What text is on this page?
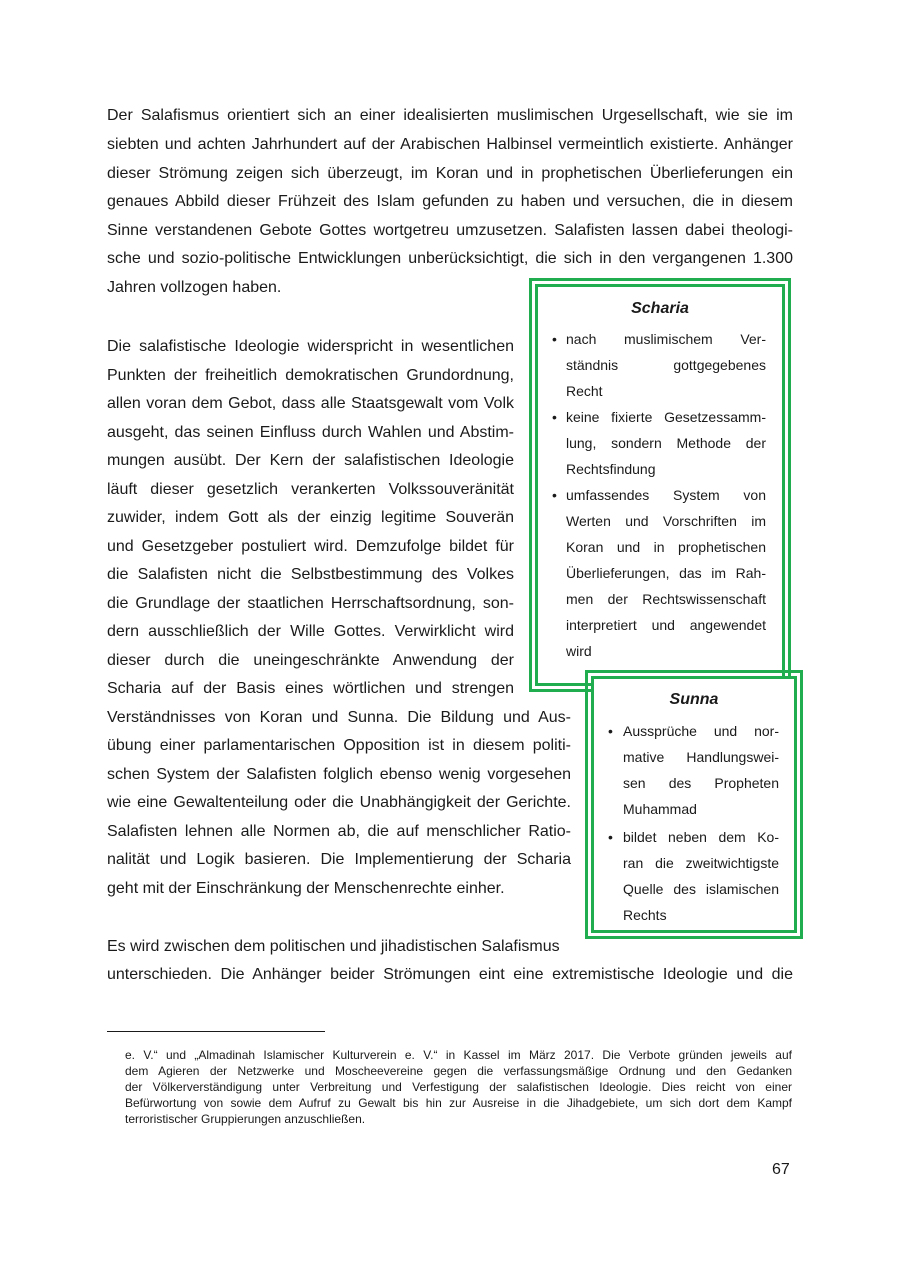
Der Salafismus orientiert sich an einer idealisierten muslimischen Urgesellschaft, wie sie im
siebten und achten Jahrhundert auf der Arabischen Halbinsel vermeintlich existierte. Anhänger
dieser Strömung zeigen sich überzeugt, im Koran und in prophetischen Überlieferungen ein
genaues Abbild dieser Frühzeit des Islam gefunden zu haben und versuchen, die in diesem
Sinne verstandenen Gebote Gottes wortgetreu umzusetzen. Salafisten lassen dabei theologi-
sche und sozio-politische Entwicklungen unberücksichtigt, die sich in den vergangenen 1.300
Jahren vollzogen haben.
Die salafistische Ideologie widerspricht in wesentlichen
Punkten der freiheitlich demokratischen Grundordnung,
allen voran dem Gebot, dass alle Staatsgewalt vom Volk
ausgeht, das seinen Einfluss durch Wahlen und Abstim-
mungen ausübt. Der Kern der salafistischen Ideologie
läuft dieser gesetzlich verankerten Volkssouveränität
zuwider, indem Gott als der einzig legitime Souverän
und Gesetzgeber postuliert wird. Demzufolge bildet für
die Salafisten nicht die Selbstbestimmung des Volkes
die Grundlage der staatlichen Herrschaftsordnung, son-
dern ausschließlich der Wille Gottes. Verwirklicht wird
dieser durch die uneingeschränkte Anwendung der
Scharia auf der Basis eines wörtlichen und strengen
Verständnisses von Koran und Sunna. Die Bildung und Aus-
übung einer parlamentarischen Opposition ist in diesem politi-
schen System der Salafisten folglich ebenso wenig vorgesehen
wie eine Gewaltenteilung oder die Unabhängigkeit der Gerichte.
Salafisten lehnen alle Normen ab, die auf menschlicher Ratio-
nalität und Logik basieren. Die Implementierung der Scharia
geht mit der Einschränkung der Menschenrechte einher.
Scharia
• nach muslimischem Ver-
ständnis gottgegebenes
Recht
• keine fixierte Gesetzessamm-
lung, sondern Methode der
Rechtsfindung
• umfassendes System von
Werten und Vorschriften im
Koran und in prophetischen
Überlieferungen, das im Rah-
men der Rechtswissenschaft
interpretiert und angewendet
wird
Sunna
• Aussprüche und nor-
mative Handlungswei-
sen des Propheten
Muhammad
• bildet neben dem Ko-
ran die zweitwichtigste
Quelle des islamischen
Rechts
Es wird zwischen dem politischen und jihadistischen Salafismus
unterschieden. Die Anhänger beider Strömungen eint eine extremistische Ideologie und die
e. V.“ und „Almadinah Islamischer Kulturverein e. V.“ in Kassel im März 2017. Die Verbote gründen jeweils auf
dem Agieren der Netzwerke und Moscheevereine gegen die verfassungsmäßige Ordnung und den Gedanken
der Völkerverständigung unter Verbreitung und Verfestigung der salafistischen Ideologie. Dies reicht von einer
Befürwortung von sowie dem Aufruf zu Gewalt bis hin zur Ausreise in die Jihadgebiete, um sich dort dem Kampf
terroristischer Gruppierungen anzuschließen.
67
